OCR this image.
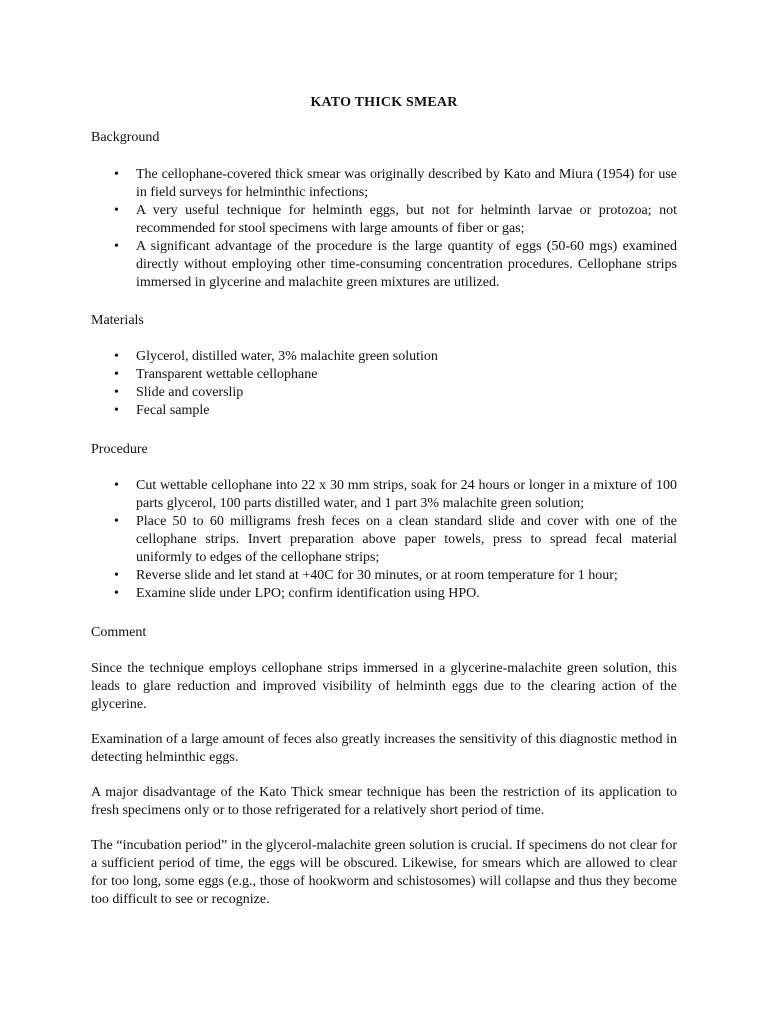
KATO THICK SMEAR
Background
• The cellophane-covered thick smear was originally described by Kato and Miura (1954) for use in field surveys for helminthic infections;
• A very useful technique for helminth eggs, but not for helminth larvae or protozoa; not recommended for stool specimens with large amounts of fiber or gas;
• A significant advantage of the procedure is the large quantity of eggs (50-60 mgs) examined directly without employing other time-consuming concentration procedures. Cellophane strips immersed in glycerine and malachite green mixtures are utilized.
Materials
• Glycerol, distilled water, 3% malachite green solution
• Transparent wettable cellophane
• Slide and coverslip
• Fecal sample
Procedure
• Cut wettable cellophane into 22 x 30 mm strips, soak for 24 hours or longer in a mixture of 100 parts glycerol, 100 parts distilled water, and 1 part 3% malachite green solution;
• Place 50 to 60 milligrams fresh feces on a clean standard slide and cover with one of the cellophane strips. Invert preparation above paper towels, press to spread fecal material uniformly to edges of the cellophane strips;
• Reverse slide and let stand at +40C for 30 minutes, or at room temperature for 1 hour;
• Examine slide under LPO; confirm identification using HPO.
Comment

Since the technique employs cellophane strips immersed in a glycerine-malachite green solution, this leads to glare reduction and improved visibility of helminth eggs due to the clearing action of the glycerine.

Examination of a large amount of feces also greatly increases the sensitivity of this diagnostic method in detecting helminthic eggs.

A major disadvantage of the Kato Thick smear technique has been the restriction of its application to fresh specimens only or to those refrigerated for a relatively short period of time.

The “incubation period” in the glycerol-malachite green solution is crucial. If specimens do not clear for a sufficient period of time, the eggs will be obscured. Likewise, for smears which are allowed to clear for too long, some eggs (e.g., those of hookworm and schistosomes) will collapse and thus they become too difficult to see or recognize.
